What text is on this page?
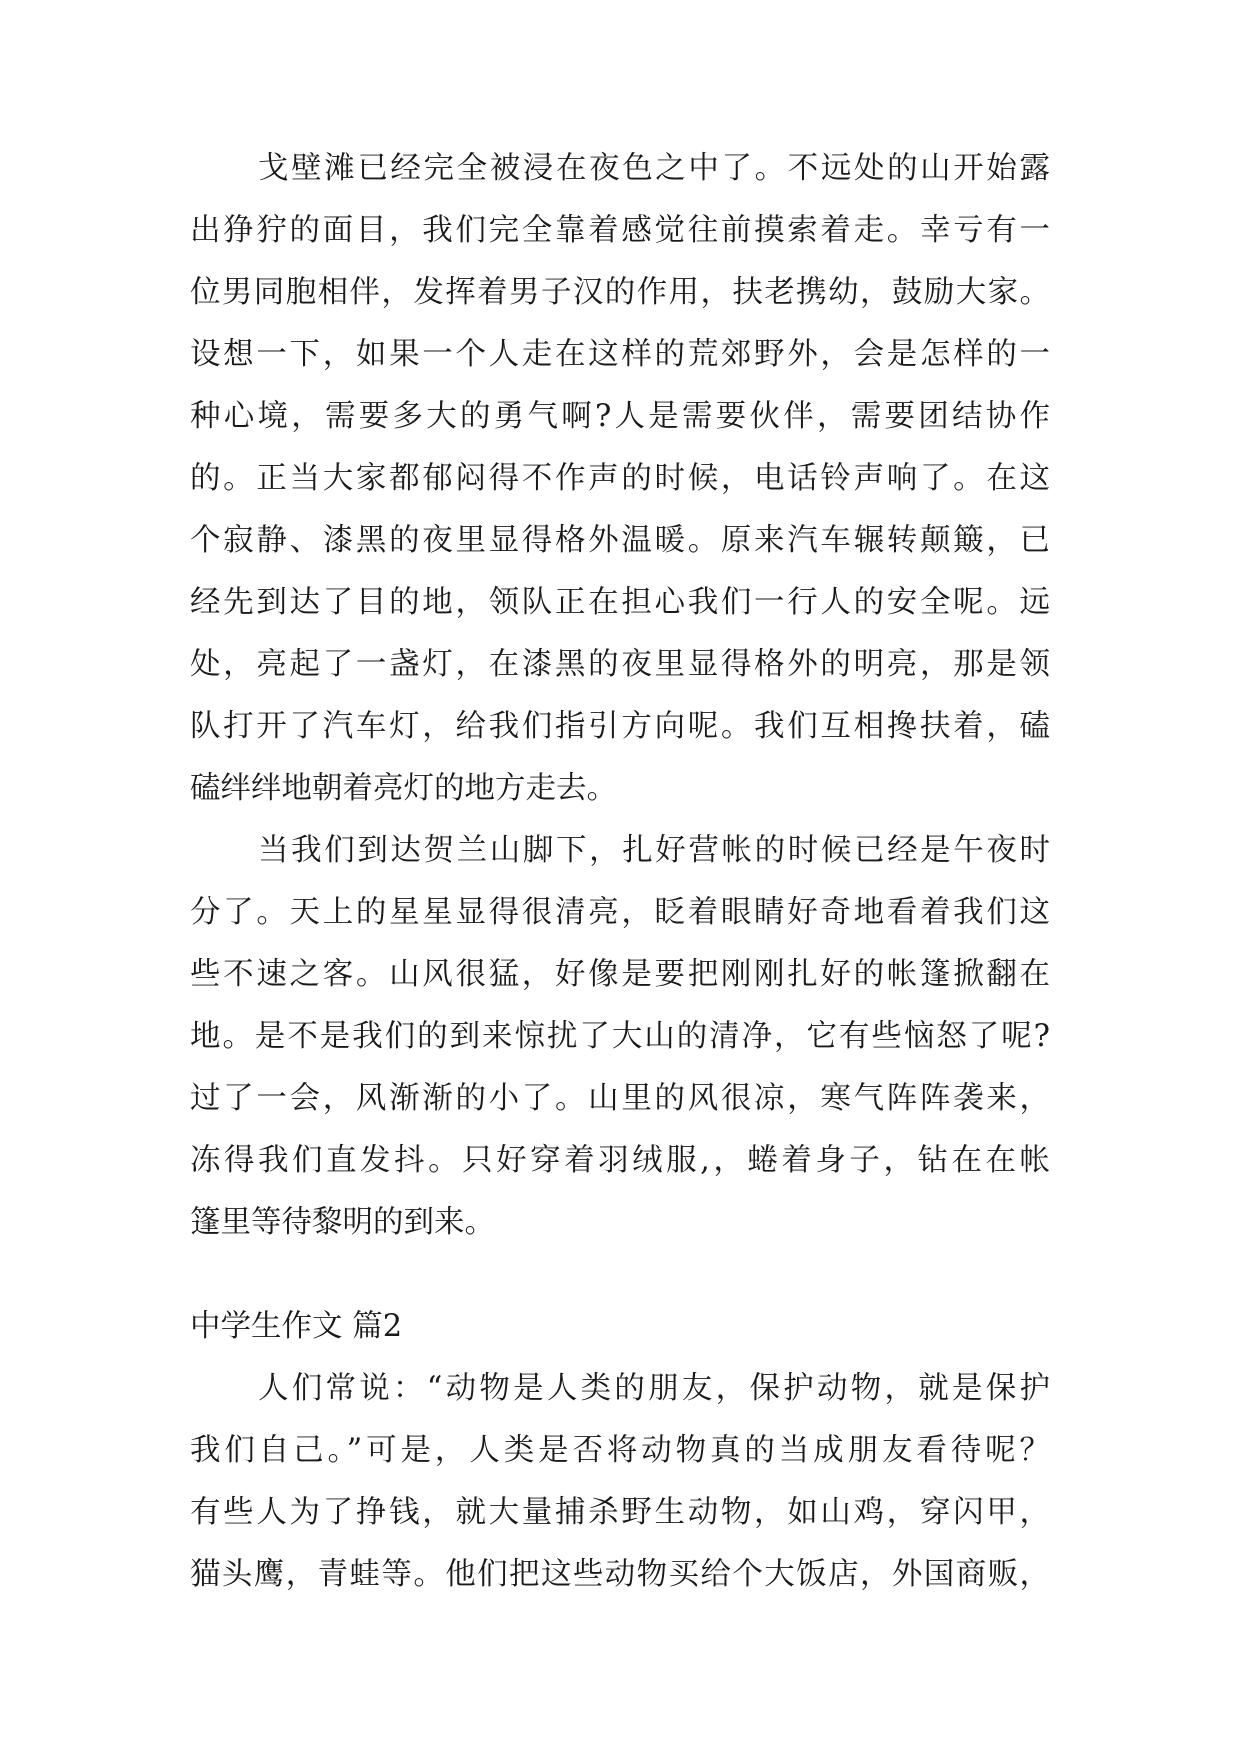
戈壁滩已经完全被浸在夜色之中了。不远处的山开始露
出狰狞的面目，我们完全靠着感觉往前摸索着走。幸亏有一
位男同胞相伴，发挥着男子汉的作用，扶老携幼，鼓励大家。
设想一下，如果一个人走在这样的荒郊野外，会是怎样的一
种心境，需要多大的勇气啊?人是需要伙伴，需要团结协作
的。正当大家都郁闷得不作声的时候，电话铃声响了。在这
个寂静、漆黑的夜里显得格外温暖。原来汽车辗转颠簸，已
经先到达了目的地，领队正在担心我们一行人的安全呢。远
处，亮起了一盏灯，在漆黑的夜里显得格外的明亮，那是领
队打开了汽车灯，给我们指引方向呢。我们互相搀扶着，磕
磕绊绊地朝着亮灯的地方走去。
当我们到达贺兰山脚下，扎好营帐的时候已经是午夜时
分了。天上的星星显得很清亮，眨着眼睛好奇地看着我们这
些不速之客。山风很猛，好像是要把刚刚扎好的帐篷掀翻在
地。是不是我们的到来惊扰了大山的清净，它有些恼怒了呢?
过了一会，风渐渐的小了。山里的风很凉，寒气阵阵袭来，
冻得我们直发抖。只好穿着羽绒服,，蜷着身子，钻在在帐
篷里等待黎明的到来。
中学生作文 篇2
人们常说：“动物是人类的朋友，保护动物，就是保护
我们自己。”可是，人类是否将动物真的当成朋友看待呢？
有些人为了挣钱，就大量捕杀野生动物，如山鸡，穿闪甲，
猫头鹰，青蛙等。他们把这些动物买给个大饭店，外国商贩，
